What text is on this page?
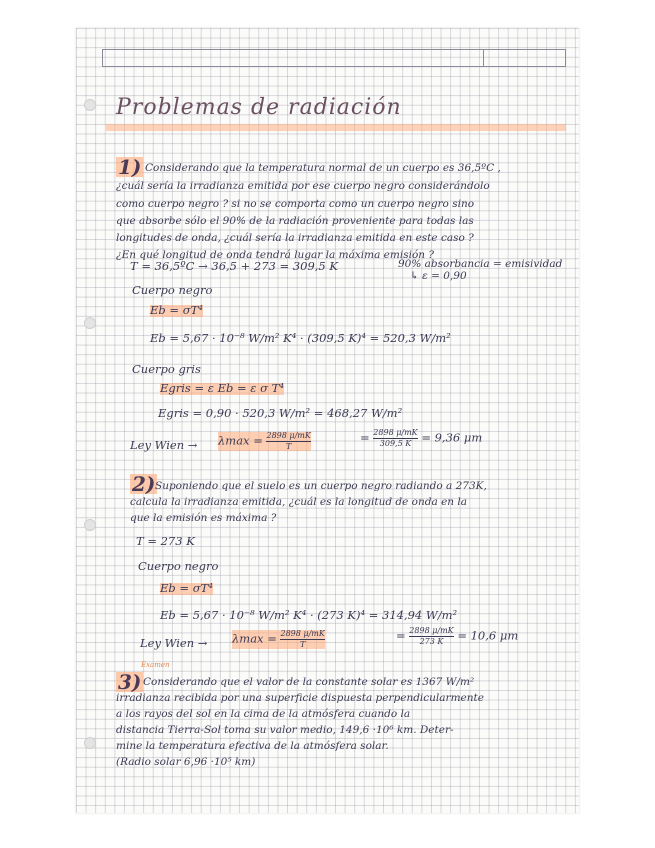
Problemas de radiación
1) Considerando que la temperatura normal de un cuerpo es 36,5ºC ,
¿cuál sería la irradianza emitida por ese cuerpo negro considerándolo
como cuerpo negro ? si no se comporta como un cuerpo negro sino
que absorbe sólo el 90% de la radiación proveniente para todas las
longitudes de onda, ¿cuál sería la irradianza emitida en este caso ?
¿En qué longitud de onda tendrá lugar la máxima emisión ?
T = 36,5ºC → 36,5 + 273 = 309,5 K	90% absorbancia = emisividad
↳ ε = 0,90
Cuerpo negro
Eb = σT⁴
Eb = 5,67 · 10⁻⁸ W/m² K⁴ · (309,5 K)⁴ = 520,3 W/m²
Cuerpo gris
Egris = ε Eb = ε σ T⁴
Egris = 0,90 · 520,3 W/m² = 468,27 W/m²
Ley Wien → $\lambda\max = \frac{2898 \mu/mK}{T}$	= $\frac{2898 \mu/mK}{309,5 K} = 9,36$ μm
2) Suponiendo que el suelo es un cuerpo negro radiando a 273K,
calcula la irradianza emitida, ¿cuál es la longitud de onda en la
que la emisión es máxima ?
T = 273 K
Cuerpo negro
Eb = σT⁴
Eb = 5,67 · 10⁻⁸ W/m² K⁴ · (273 K)⁴ = 314,94 W/m²
Ley Wien → $\lambda\max = \frac{2898 \mu/mK}{T}$	= $\frac{2898 \mu/mK}{273 K} = 10,6$ μm
Examen
3) Considerando que el valor de la constante solar es 1367 W/m²
irradianza recibida por una superficie dispuesta perpendicularmente
a los rayos del sol en la cima de la atmósfera cuando la
distancia Tierra-Sol toma su valor medio, 149,6 ·10⁶ km. Deter-
mine la temperatura efectiva de la atmósfera solar.
(Radio solar 6,96 ·10⁵ km)
